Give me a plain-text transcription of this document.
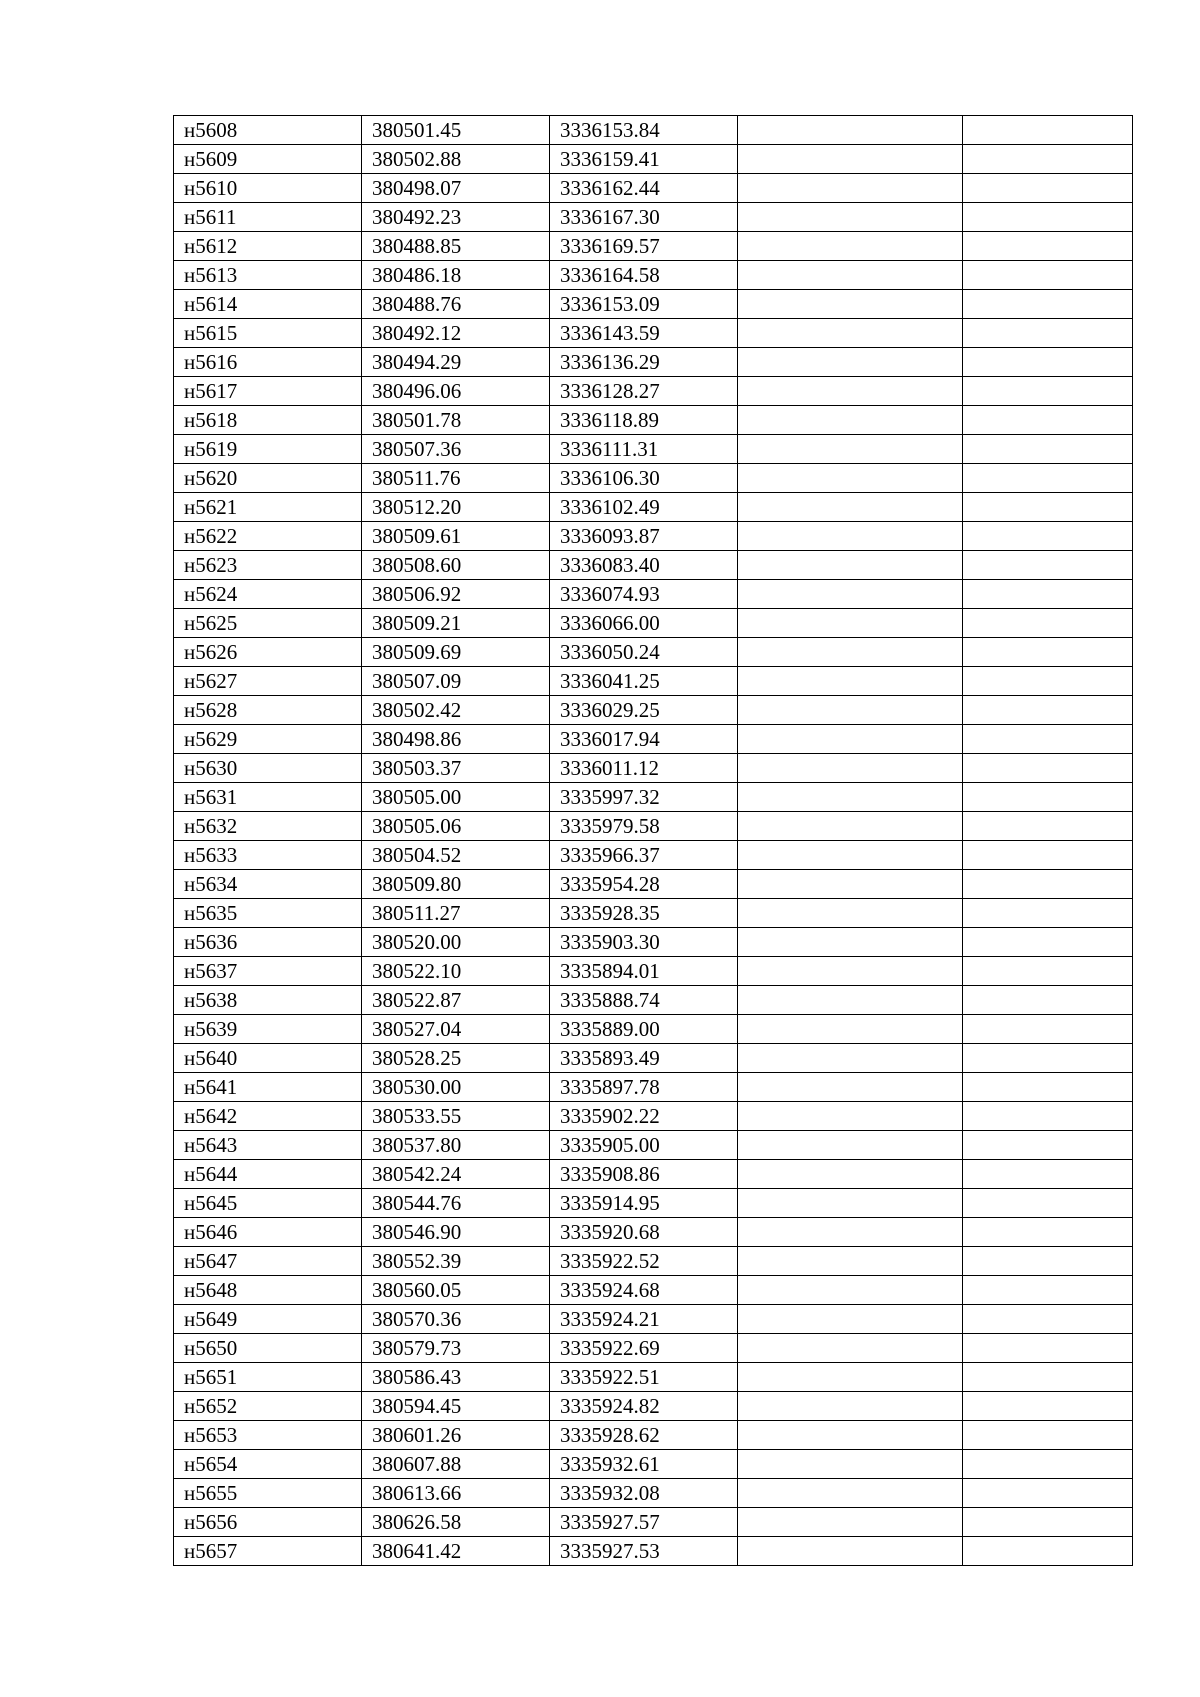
н5608	380501.45	3336153.84		
н5609	380502.88	3336159.41		
н5610	380498.07	3336162.44		
н5611	380492.23	3336167.30		
н5612	380488.85	3336169.57		
н5613	380486.18	3336164.58		
н5614	380488.76	3336153.09		
н5615	380492.12	3336143.59		
н5616	380494.29	3336136.29		
н5617	380496.06	3336128.27		
н5618	380501.78	3336118.89		
н5619	380507.36	3336111.31		
н5620	380511.76	3336106.30		
н5621	380512.20	3336102.49		
н5622	380509.61	3336093.87		
н5623	380508.60	3336083.40		
н5624	380506.92	3336074.93		
н5625	380509.21	3336066.00		
н5626	380509.69	3336050.24		
н5627	380507.09	3336041.25		
н5628	380502.42	3336029.25		
н5629	380498.86	3336017.94		
н5630	380503.37	3336011.12		
н5631	380505.00	3335997.32		
н5632	380505.06	3335979.58		
н5633	380504.52	3335966.37		
н5634	380509.80	3335954.28		
н5635	380511.27	3335928.35		
н5636	380520.00	3335903.30		
н5637	380522.10	3335894.01		
н5638	380522.87	3335888.74		
н5639	380527.04	3335889.00		
н5640	380528.25	3335893.49		
н5641	380530.00	3335897.78		
н5642	380533.55	3335902.22		
н5643	380537.80	3335905.00		
н5644	380542.24	3335908.86		
н5645	380544.76	3335914.95		
н5646	380546.90	3335920.68		
н5647	380552.39	3335922.52		
н5648	380560.05	3335924.68		
н5649	380570.36	3335924.21		
н5650	380579.73	3335922.69		
н5651	380586.43	3335922.51		
н5652	380594.45	3335924.82		
н5653	380601.26	3335928.62		
н5654	380607.88	3335932.61		
н5655	380613.66	3335932.08		
н5656	380626.58	3335927.57		
н5657	380641.42	3335927.53		
